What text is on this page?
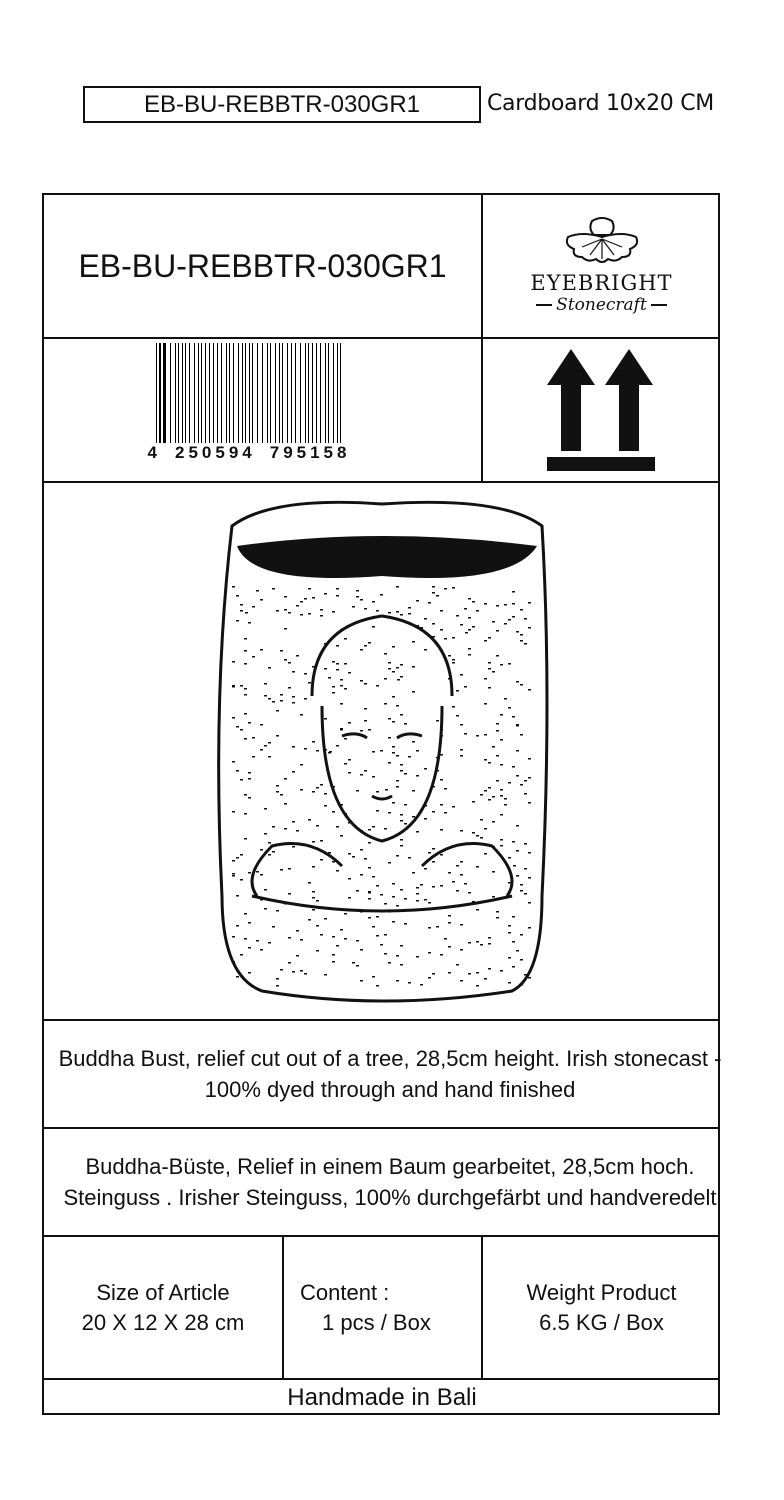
EB-BU-REBBTR-030GR1	Cardboard 10x20 CM
EB-BU-REBBTR-030GR1	EYEBRIGHT
Stonecraft
4 250594 795158
Buddha Bust, relief cut out of a tree, 28,5cm height. Irish stonecast - 100% dyed through and hand finished
Buddha-Büste, Relief in einem Baum gearbeitet, 28,5cm hoch. Steinguss . Irisher Steinguss, 100% durchgefärbt und handveredelt
Size of Article
20 X 12 X 28 cm
Content :
1 pcs / Box
Weight Product
6.5 KG / Box
Handmade in Bali
